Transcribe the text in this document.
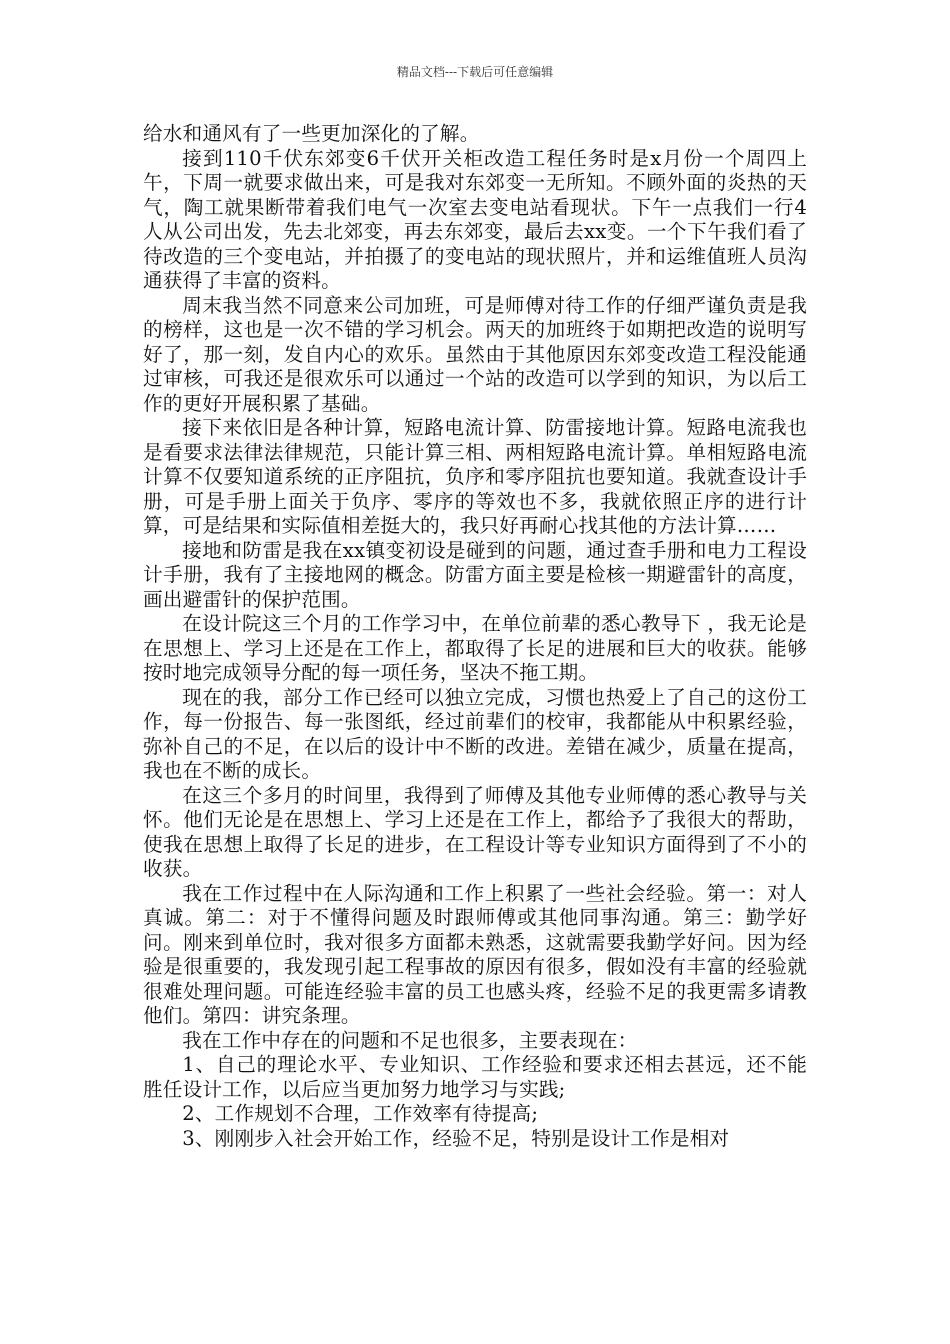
精品文档---下载后可任意编辑

给水和通风有了一些更加深化的了解。

接到110千伏东郊变6千伏开关柜改造工程任务时是x月份一个周四上午，下周一就要求做出来，可是我对东郊变一无所知。不顾外面的炎热的天气，陶工就果断带着我们电气一次室去变电站看现状。下午一点我们一行4人从公司出发，先去北郊变，再去东郊变，最后去xx变。一个下午我们看了待改造的三个变电站，并拍摄了的变电站的现状照片，并和运维值班人员沟通获得了丰富的资料。

周末我当然不同意来公司加班，可是师傅对待工作的仔细严谨负责是我的榜样，这也是一次不错的学习机会。两天的加班终于如期把改造的说明写好了，那一刻，发自内心的欢乐。虽然由于其他原因东郊变改造工程没能通过审核，可我还是很欢乐可以通过一个站的改造可以学到的知识，为以后工作的更好开展积累了基础。

接下来依旧是各种计算，短路电流计算、防雷接地计算。短路电流我也是看要求法律法律规范，只能计算三相、两相短路电流计算。单相短路电流计算不仅要知道系统的正序阻抗，负序和零序阻抗也要知道。我就查设计手册，可是手册上面关于负序、零序的等效也不多，我就依照正序的进行计算，可是结果和实际值相差挺大的，我只好再耐心找其他的方法计算……

接地和防雷是我在xx镇变初设是碰到的问题，通过查手册和电力工程设计手册，我有了主接地网的概念。防雷方面主要是检核一期避雷针的高度，画出避雷针的保护范围。

在设计院这三个月的工作学习中，在单位前辈的悉心教导下 ，我无论是在思想上、学习上还是在工作上，都取得了长足的进展和巨大的收获。能够按时地完成领导分配的每一项任务，坚决不拖工期。

现在的我，部分工作已经可以独立完成，习惯也热爱上了自己的这份工作，每一份报告、每一张图纸，经过前辈们的校审，我都能从中积累经验，弥补自己的不足，在以后的设计中不断的改进。差错在减少，质量在提高，我也在不断的成长。

在这三个多月的时间里，我得到了师傅及其他专业师傅的悉心教导与关怀。他们无论是在思想上、学习上还是在工作上，都给予了我很大的帮助，使我在思想上取得了长足的进步，在工程设计等专业知识方面得到了不小的收获。

我在工作过程中在人际沟通和工作上积累了一些社会经验。第一：对人真诚。第二：对于不懂得问题及时跟师傅或其他同事沟通。第三：勤学好问。刚来到单位时，我对很多方面都未熟悉，这就需要我勤学好问。因为经验是很重要的，我发现引起工程事故的原因有很多，假如没有丰富的经验就很难处理问题。可能连经验丰富的员工也感头疼，经验不足的我更需多请教他们。第四：讲究条理。

我在工作中存在的问题和不足也很多，主要表现在：

1、自己的理论水平、专业知识、工作经验和要求还相去甚远，还不能胜任设计工作，以后应当更加努力地学习与实践;

2、工作规划不合理，工作效率有待提高;

3、刚刚步入社会开始工作，经验不足，特别是设计工作是相对
